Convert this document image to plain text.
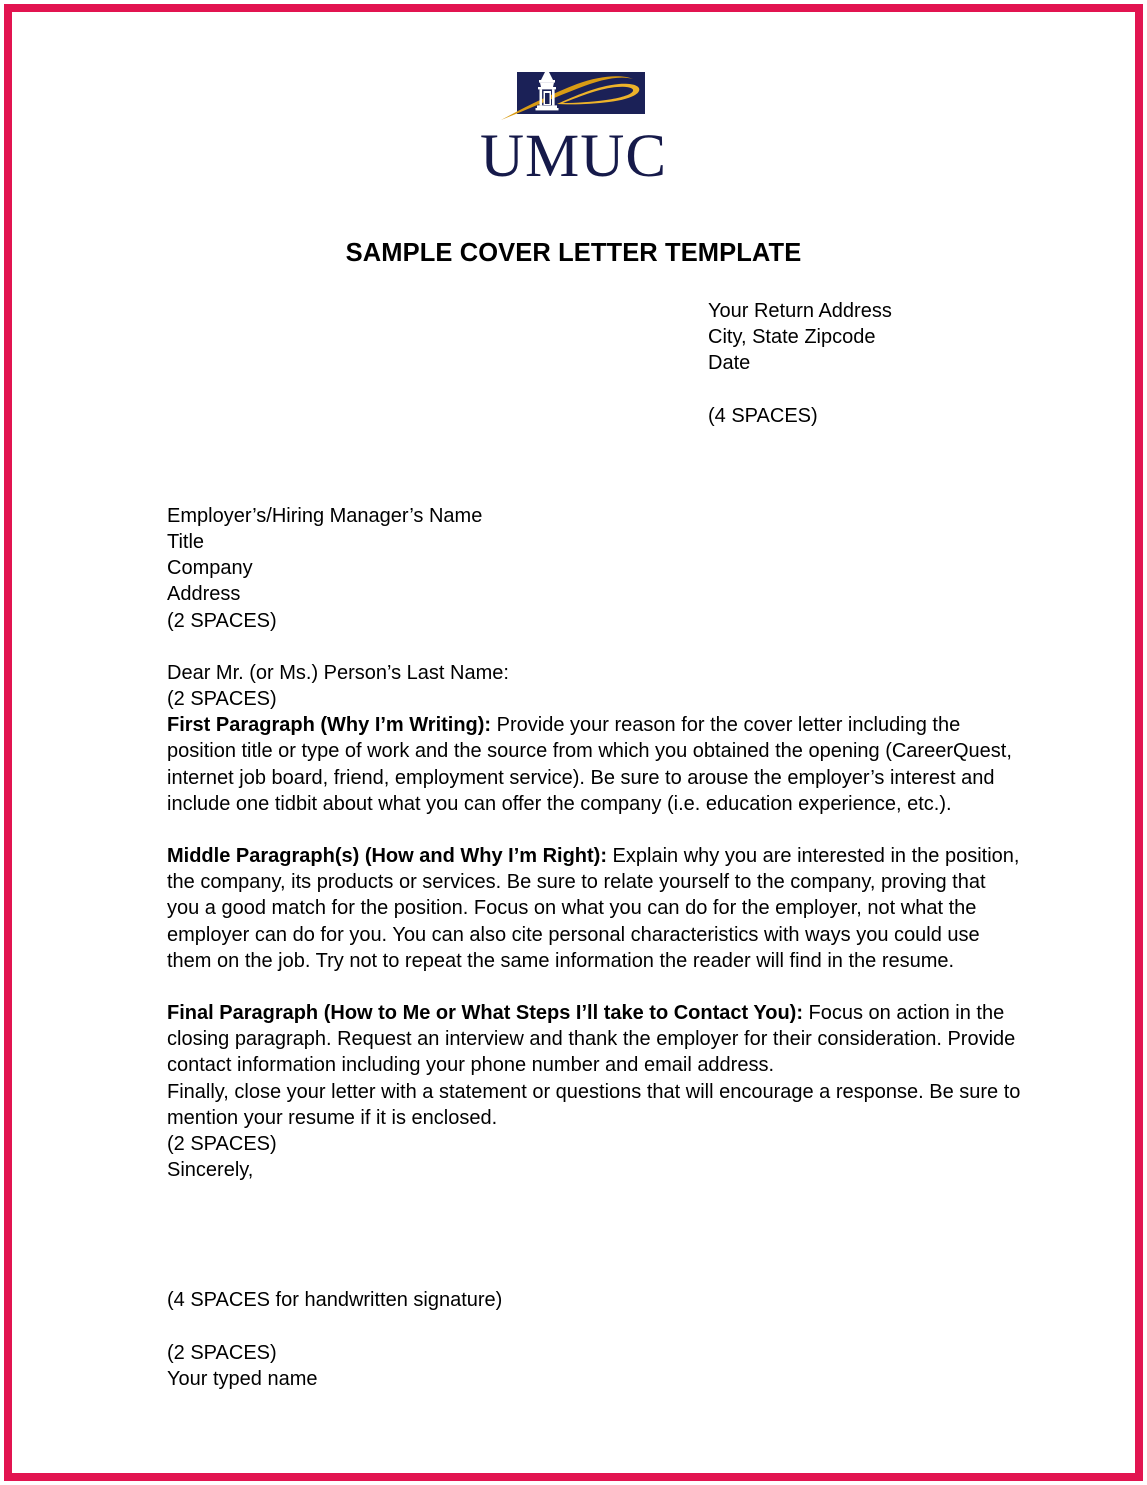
UMUC
SAMPLE COVER LETTER TEMPLATE
Your Return Address
City, State Zipcode
Date
(4 SPACES)
Employer’s/Hiring Manager’s Name
Title
Company
Address
(2 SPACES)
Dear Mr. (or Ms.) Person’s Last Name:
(2 SPACES)

First Paragraph (Why I’m Writing): Provide your reason for the cover letter including the position title or type of work and the source from which you obtained the opening (CareerQuest, internet job board, friend, employment service). Be sure to arouse the employer’s interest and include one tidbit about what you can offer the company (i.e. education experience, etc.).

Middle Paragraph(s) (How and Why I’m Right): Explain why you are interested in the position, the company, its products or services. Be sure to relate yourself to the company, proving that you a good match for the position. Focus on what you can do for the employer, not what the employer can do for you. You can also cite personal characteristics with ways you could use them on the job. Try not to repeat the same information the reader will find in the resume.

Final Paragraph (How to Me or What Steps I’ll take to Contact You): Focus on action in the closing paragraph. Request an interview and thank the employer for their consideration. Provide contact information including your phone number and email address.

Finally, close your letter with a statement or questions that will encourage a response. Be sure to mention your resume if it is enclosed.

(2 SPACES)
Sincerely,
(4 SPACES for handwritten signature)
(2 SPACES)
Your typed name
